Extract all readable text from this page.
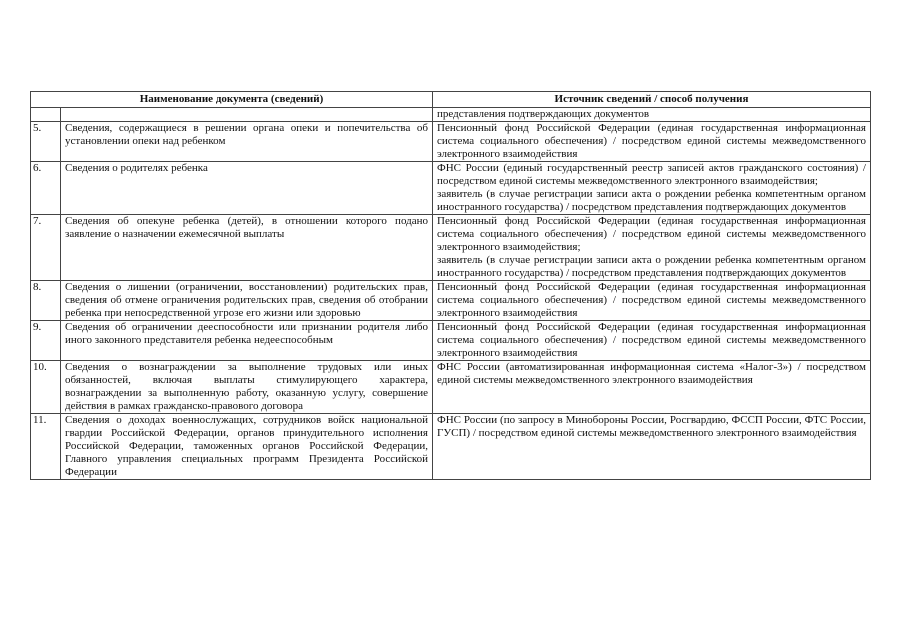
Наименование документа (сведений)		Источник сведений / способ получения
		представления подтверждающих документов
5.	Сведения, содержащиеся в решении органа опеки и попечительства об установлении опеки над ребенком	Пенсионный фонд Российской Федерации (единая государственная информационная система социального обеспечения) / посредством единой системы межведомственного электронного взаимодействия
6.	Сведения о родителях ребенка	ФНС России (единый государственный реестр записей актов гражданского состояния) / посредством единой системы межведомственного электронного взаимодействия;
заявитель (в случае регистрации записи акта о рождении ребенка компетентным органом иностранного государства) / посредством представления подтверждающих документов

7.	Сведения об опекуне ребенка (детей), в отношении которого подано заявление о назначении ежемесячной выплаты	Пенсионный фонд Российской Федерации (единая государственная информационная система социального обеспечения) / посредством единой системы межведомственного электронного взаимодействия;
заявитель (в случае регистрации записи акта о рождении ребенка компетентным органом иностранного государства) / посредством представления подтверждающих документов

8.	Сведения о лишении (ограничении, восстановлении) родительских прав, сведения об отмене ограничения родительских прав, сведения об отобрании ребенка при непосредственной угрозе его жизни или здоровью	Пенсионный фонд Российской Федерации (единая государственная информационная система социального обеспечения) / посредством единой системы межведомственного электронного взаимодействия
9.	Сведения об ограничении дееспособности или признании родителя либо иного законного представителя ребенка недееспособным	Пенсионный фонд Российской Федерации (единая государственная информационная система социального обеспечения) / посредством единой системы межведомственного электронного взаимодействия
10.	Сведения о вознаграждении за выполнение трудовых или иных обязанностей, включая выплаты стимулирующего характера, вознаграждении за выполненную работу, оказанную услугу, совершение действия в рамках гражданско-правового договора	ФНС России (автоматизированная информационная система «Налог-3») / посредством единой системы межведомственного электронного взаимодействия
11.	Сведения о доходах военнослужащих, сотрудников войск национальной гвардии Российской Федерации, органов принудительного исполнения Российской Федерации, таможенных органов Российской Федерации, Главного управления специальных программ Президента Российской Федерации	ФНС России (по запросу в Минобороны России, Росгвардию, ФССП России, ФТС России, ГУСП) / посредством единой системы межведомственного электронного взаимодействия
